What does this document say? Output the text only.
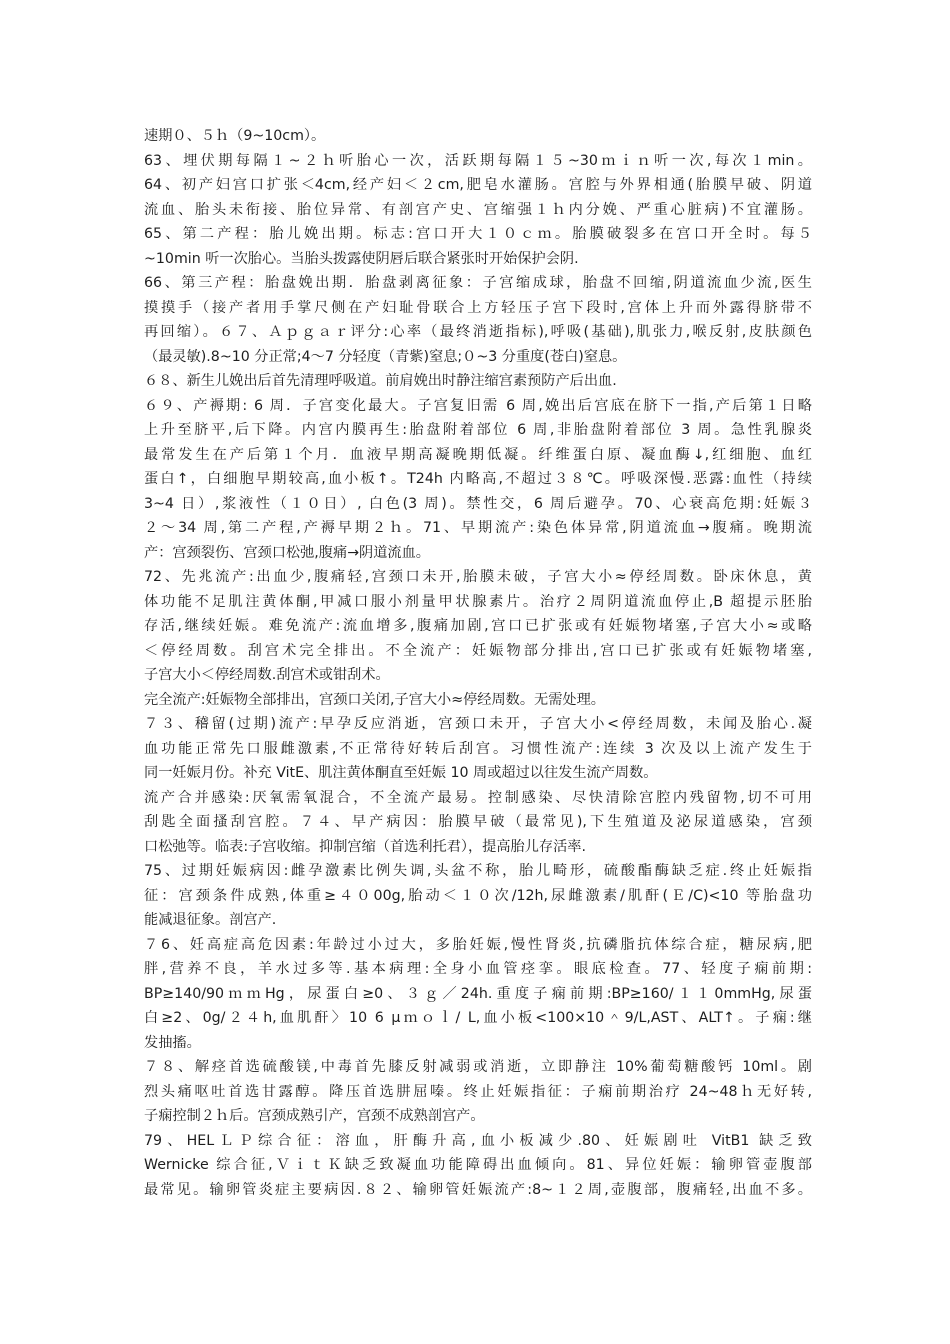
速期０、５ｈ（9~10cm）。
63、埋伏期每隔１~２ｈ听胎心一次，活跃期每隔１５~30ｍｉｎ听一次,每次１min。
64、初产妇宫口扩张＜4cm,经产妇＜２cm,肥皂水灌肠。宫腔与外界相通(胎膜早破、阴道
流血、胎头未衔接、胎位异常、有剖宫产史、宫缩强１ｈ内分娩、严重心脏病)不宜灌肠。
65、第二产程：胎儿娩出期。标志:宫口开大１０ｃｍ。胎膜破裂多在宫口开全时。每５
~10min 听一次胎心。当胎头拨露使阴唇后联合紧张时开始保护会阴.
66、第三产程：胎盘娩出期．胎盘剥离征象：子宫缩成球，胎盘不回缩,阴道流血少流,医生
摸摸手（接产者用手掌尺侧在产妇耻骨联合上方轻压子宫下段时,宫体上升而外露得脐带不
再回缩）。６７、Ａｐｇａｒ评分:心率（最终消逝指标),呼吸(基础),肌张力,喉反射,皮肤颜色
（最灵敏).8~10 分正常;4～7 分轻度（青紫)窒息;０~3 分重度(苍白)窒息。
６８、新生儿娩出后首先清理呼吸道。前肩娩出时静注缩宫素预防产后出血.
６９、产褥期: 6 周．子宫变化最大。子宫复旧需 6 周,娩出后宫底在脐下一指,产后第１日略
上升至脐平,后下降。内宫内膜再生:胎盘附着部位 6 周,非胎盘附着部位 3 周。急性乳腺炎
最常发生在产后第１个月．血液早期高凝晚期低凝。纤维蛋白原、凝血酶↓,红细胞、血红
蛋白↑，白细胞早期较高,血小板↑。T24h 内略高,不超过３８℃。呼吸深慢.恶露:血性（持续
3~4 日）,浆液性（１０日）, 白色(3 周)。禁性交，6 周后避孕。70、心衰高危期:妊娠３
２～34 周,第二产程,产褥早期２ｈ。71、早期流产:染色体异常,阴道流血→腹痛。晚期流
产：宫颈裂伤、宫颈口松弛,腹痛→阴道流血。
72、先兆流产:出血少,腹痛轻,宫颈口未开,胎膜未破，子宫大小≈停经周数。卧床休息，黄
体功能不足肌注黄体酮,甲减口服小剂量甲状腺素片。治疗２周阴道流血停止,B 超提示胚胎
存活,继续妊娠。难免流产:流血增多,腹痛加剧,宫口已扩张或有妊娠物堵塞,子宫大小≈或略
＜停经周数。刮宫术完全排出。不全流产：妊娠物部分排出,宫口已扩张或有妊娠物堵塞,
子宫大小＜停经周数.刮宫术或钳刮术。
完全流产:妊娠物全部排出，宫颈口关闭,子宫大小≈停经周数。无需处理。
７３、稽留(过期)流产:早孕反应消逝，宫颈口未开，子宫大小<停经周数，未闻及胎心.凝
血功能正常先口服雌激素,不正常待好转后刮宫。习惯性流产:连续 3 次及以上流产发生于
同一妊娠月份。补充 VitE、肌注黄体酮直至妊娠 10 周或超过以往发生流产周数。
流产合并感染:厌氧需氧混合，不全流产最易。控制感染、尽快清除宫腔内残留物,切不可用
刮匙全面搔刮宫腔。７４、早产病因：胎膜早破（最常见),下生殖道及泌尿道感染，宫颈
口松弛等。临表:子宫收缩。抑制宫缩（首选利托君），提高胎儿存活率.
75、过期妊娠病因:雌孕激素比例失调,头盆不称，胎儿畸形，硫酸酯酶缺乏症.终止妊娠指
征：宫颈条件成熟,体重≥４０00g,胎动＜１０次/12h,尿雌激素/肌酐(Ｅ/C)<10 等胎盘功
能减退征象。剖宫产.
７6、妊高症高危因素:年龄过小过大，多胎妊娠,慢性肾炎,抗磷脂抗体综合症，糖尿病,肥
胖,营养不良，羊水过多等.基本病理:全身小血管痉挛。眼底检查。77、轻度子痫前期:
BP≥140/90ｍｍHg，尿蛋白≥0、３ｇ／24h.重度子痫前期:BP≥160/１１0mmHg,尿蛋
白≥2、0g/２４h,血肌酐〉10 6 μｍｏｌ/ L,血小板<100×10＾9/L,AST、ALT↑。子痫:继
发抽搐。
７８、解痉首选硫酸镁,中毒首先膝反射减弱或消逝，立即静注 10%葡萄糖酸钙 10ml。剧
烈头痛呕吐首选甘露醇。降压首选肼屈嗪。终止妊娠指征：子痫前期治疗 24~48ｈ无好转,
子痫控制２ｈ后。宫颈成熟引产，宫颈不成熟剖宫产。
79、HELＬＰ综合征：溶血，肝酶升高,血小板减少.80、妊娠剧吐 VitB1 缺乏致
Wernicke 综合征,ＶｉｔＫ缺乏致凝血功能障碍出血倾向。81、异位妊娠：输卵管壶腹部
最常见。输卵管炎症主要病因.８２、输卵管妊娠流产:8~１２周,壶腹部，腹痛轻,出血不多。
